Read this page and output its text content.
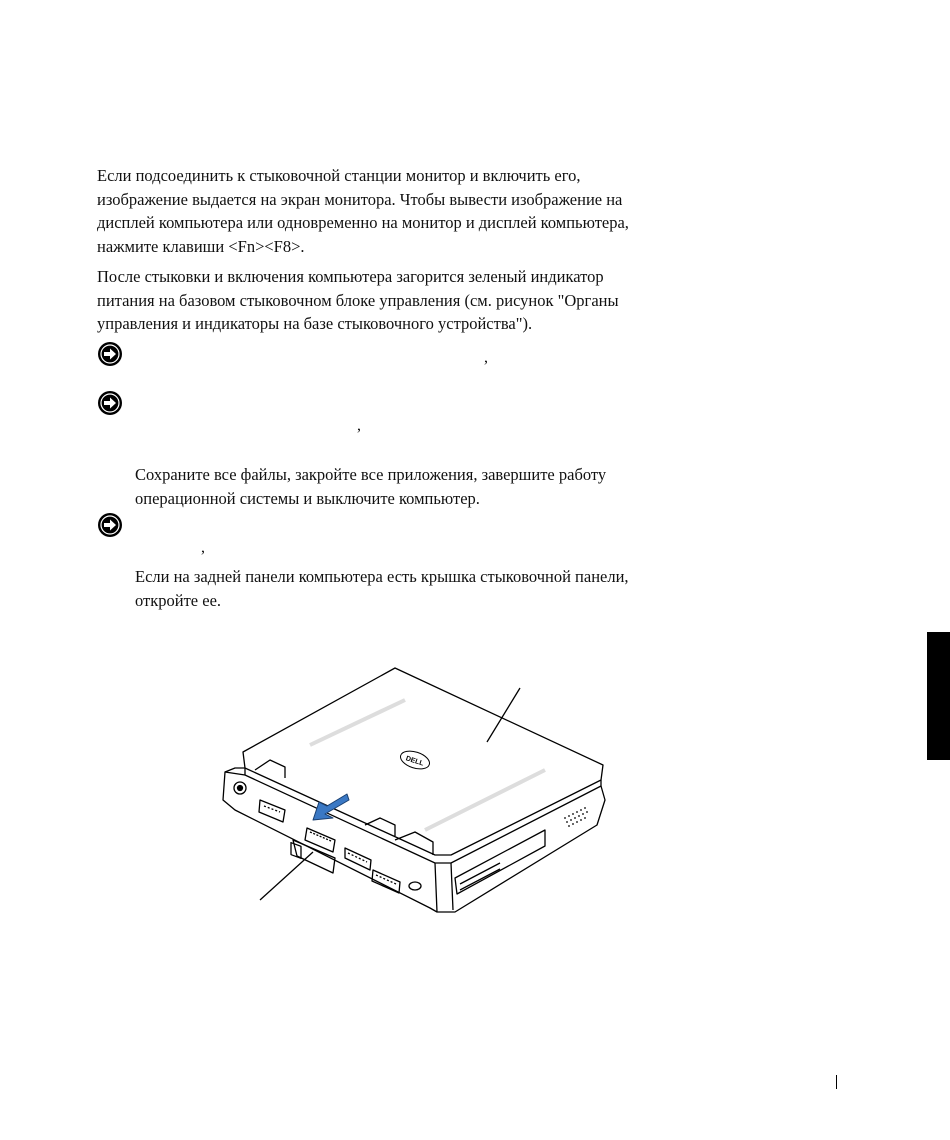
Если подсоединить к стыковочной станции монитор и включить его, изображение выдается на экран монитора. Чтобы вывести изображение на дисплей компьютера или одновременно на монитор и дисплей компьютера, нажмите клавиши <Fn><F8>.

После стыковки и включения компьютера загорится зеленый индикатор питания на базовом стыковочном блоке управления (см. рисунок "Органы управления и индикаторы на базе стыковочного устройства").

,
,

Сохраните все файлы, закройте все приложения, завершите работу операционной системы и выключите компьютер.

,

Если на задней панели компьютера есть крышка стыковочной панели, откройте ее.

DELL
